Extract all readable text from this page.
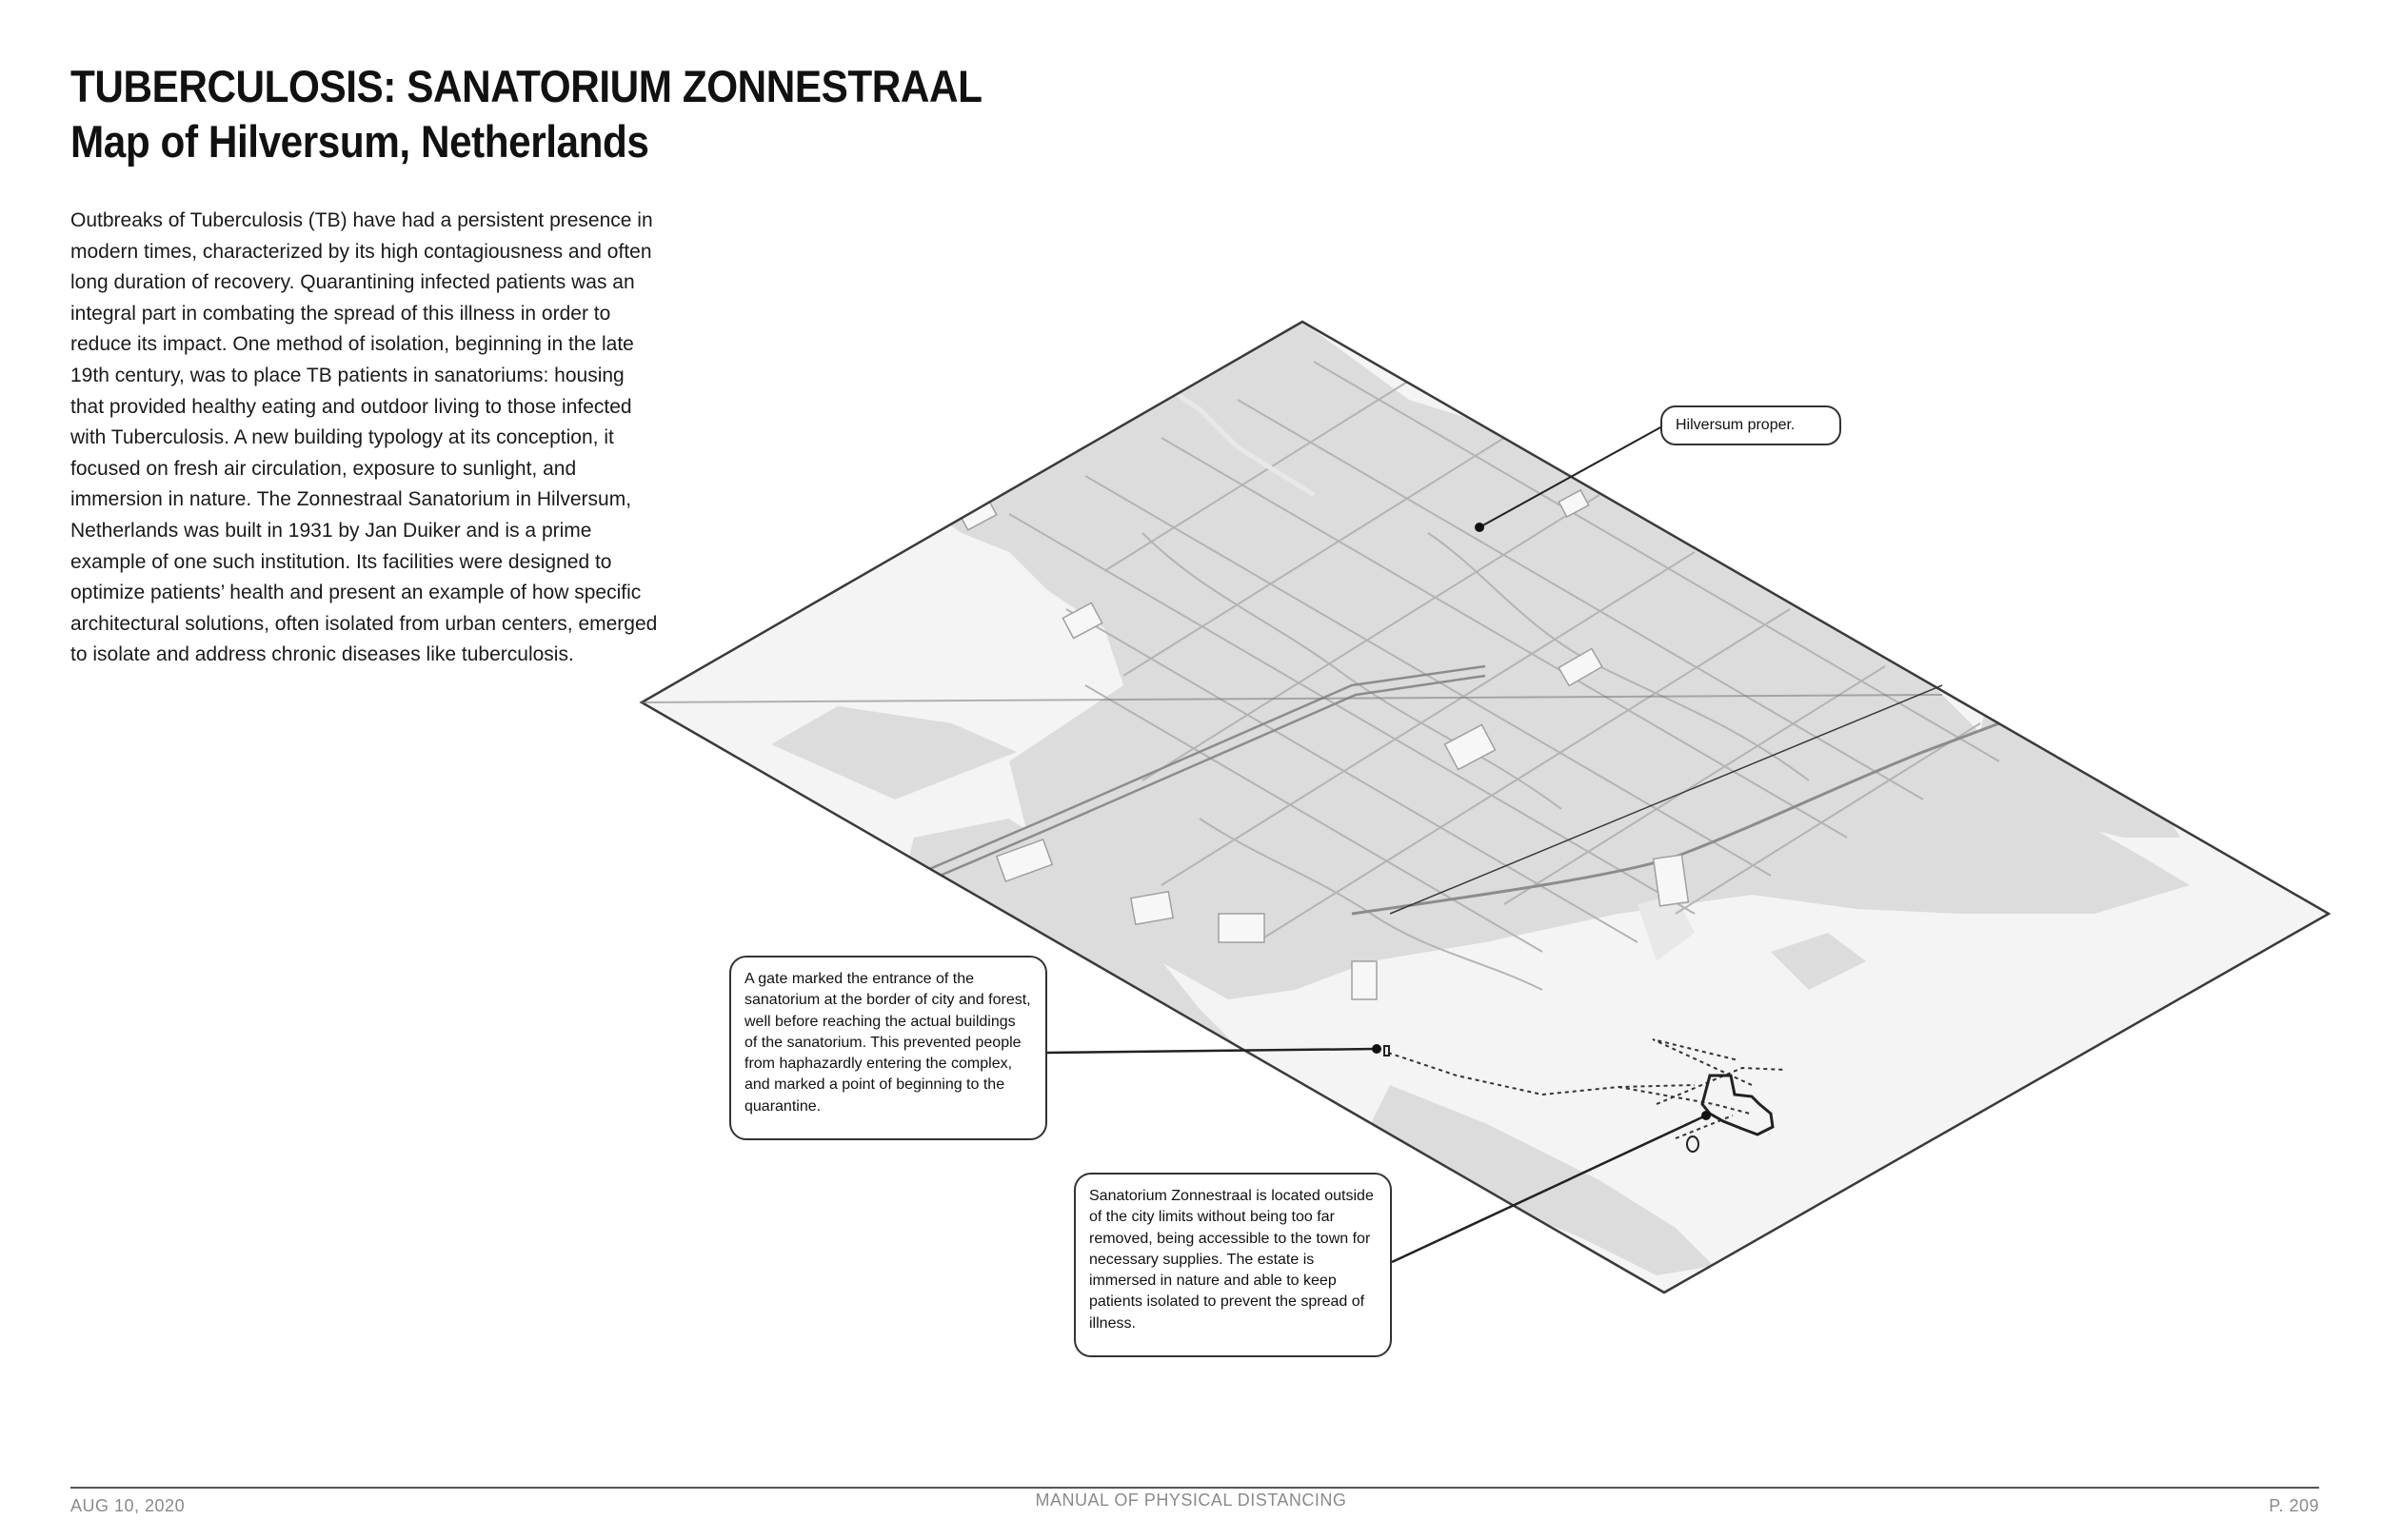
TUBERCULOSIS: SANATORIUM ZONNESTRAAL
Map of Hilversum, Netherlands

Outbreaks of Tuberculosis (TB) have had a persistent presence in modern times, characterized by its high contagiousness and often long duration of recovery. Quarantining infected patients was an integral part in combating the spread of this illness in order to reduce its impact. One method of isolation, beginning in the late 19th century, was to place TB patients in sanatoriums: housing that provided healthy eating and outdoor living to those infected with Tuberculosis. A new building typology at its conception, it focused on fresh air circulation, exposure to sunlight, and immersion in nature. The Zonnestraal Sanatorium in Hilversum, Netherlands was built in 1931 by Jan Duiker and is a prime example of one such institution. Its facilities were designed to optimize patients’ health and present an example of how specific architectural solutions, often isolated from urban centers, emerged to isolate and address chronic diseases like tuberculosis.

Hilversum proper.
A gate marked the entrance of the sanatorium at the border of city and forest, well before reaching the actual buildings of the sanatorium. This prevented people from haphazardly entering the complex, and marked a point of beginning to the quarantine.
Sanatorium Zonnestraal is located outside of the city limits without being too far removed, being accessible to the town for necessary supplies. The estate is immersed in nature and able to keep patients isolated to prevent the spread of illness.
AUG 10, 2020	MANUAL OF PHYSICAL DISTANCING	P. 209
